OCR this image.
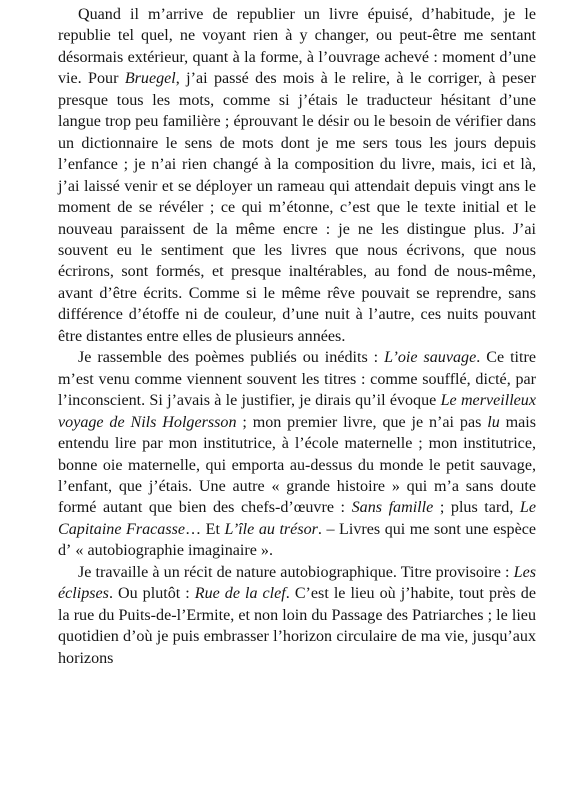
Quand il m’arrive de republier un livre épuisé, d’habitude, je le republie tel quel, ne voyant rien à y changer, ou peut-être me sentant désormais extérieur, quant à la forme, à l’ouvrage achevé : moment d’une vie. Pour Bruegel, j’ai passé des mois à le relire, à le corriger, à peser presque tous les mots, comme si j’étais le traducteur hésitant d’une langue trop peu familière ; éprouvant le désir ou le besoin de vérifier dans un dictionnaire le sens de mots dont je me sers tous les jours depuis l’enfance ; je n’ai rien changé à la composition du livre, mais, ici et là, j’ai laissé venir et se déployer un rameau qui attendait depuis vingt ans le moment de se révéler ; ce qui m’étonne, c’est que le texte initial et le nouveau paraissent de la même encre : je ne les distingue plus. J’ai souvent eu le sentiment que les livres que nous écrivons, que nous écrirons, sont formés, et presque inaltérables, au fond de nous-même, avant d’être écrits. Comme si le même rêve pouvait se reprendre, sans différence d’étoffe ni de couleur, d’une nuit à l’autre, ces nuits pouvant être distantes entre elles de plusieurs années.

Je rassemble des poèmes publiés ou inédits : L’oie sauvage. Ce titre m’est venu comme viennent souvent les titres : comme soufflé, dicté, par l’inconscient. Si j’avais à le justifier, je dirais qu’il évoque Le merveilleux voyage de Nils Holgersson ; mon premier livre, que je n’ai pas lu mais entendu lire par mon institutrice, à l’école maternelle ; mon institutrice, bonne oie maternelle, qui emporta au-dessus du monde le petit sauvage, l’enfant, que j’étais. Une autre « grande histoire » qui m’a sans doute formé autant que bien des chefs-d’œuvre : Sans famille ; plus tard, Le Capitaine Fracasse… Et L’île au trésor. – Livres qui me sont une espèce d’ « autobiographie imaginaire ».

Je travaille à un récit de nature autobiographique. Titre provisoire : Les éclipses. Ou plutôt : Rue de la clef. C’est le lieu où j’habite, tout près de la rue du Puits-de-l’Ermite, et non loin du Passage des Patriarches ; le lieu quotidien d’où je puis embrasser l’horizon circulaire de ma vie, jusqu’aux horizons
